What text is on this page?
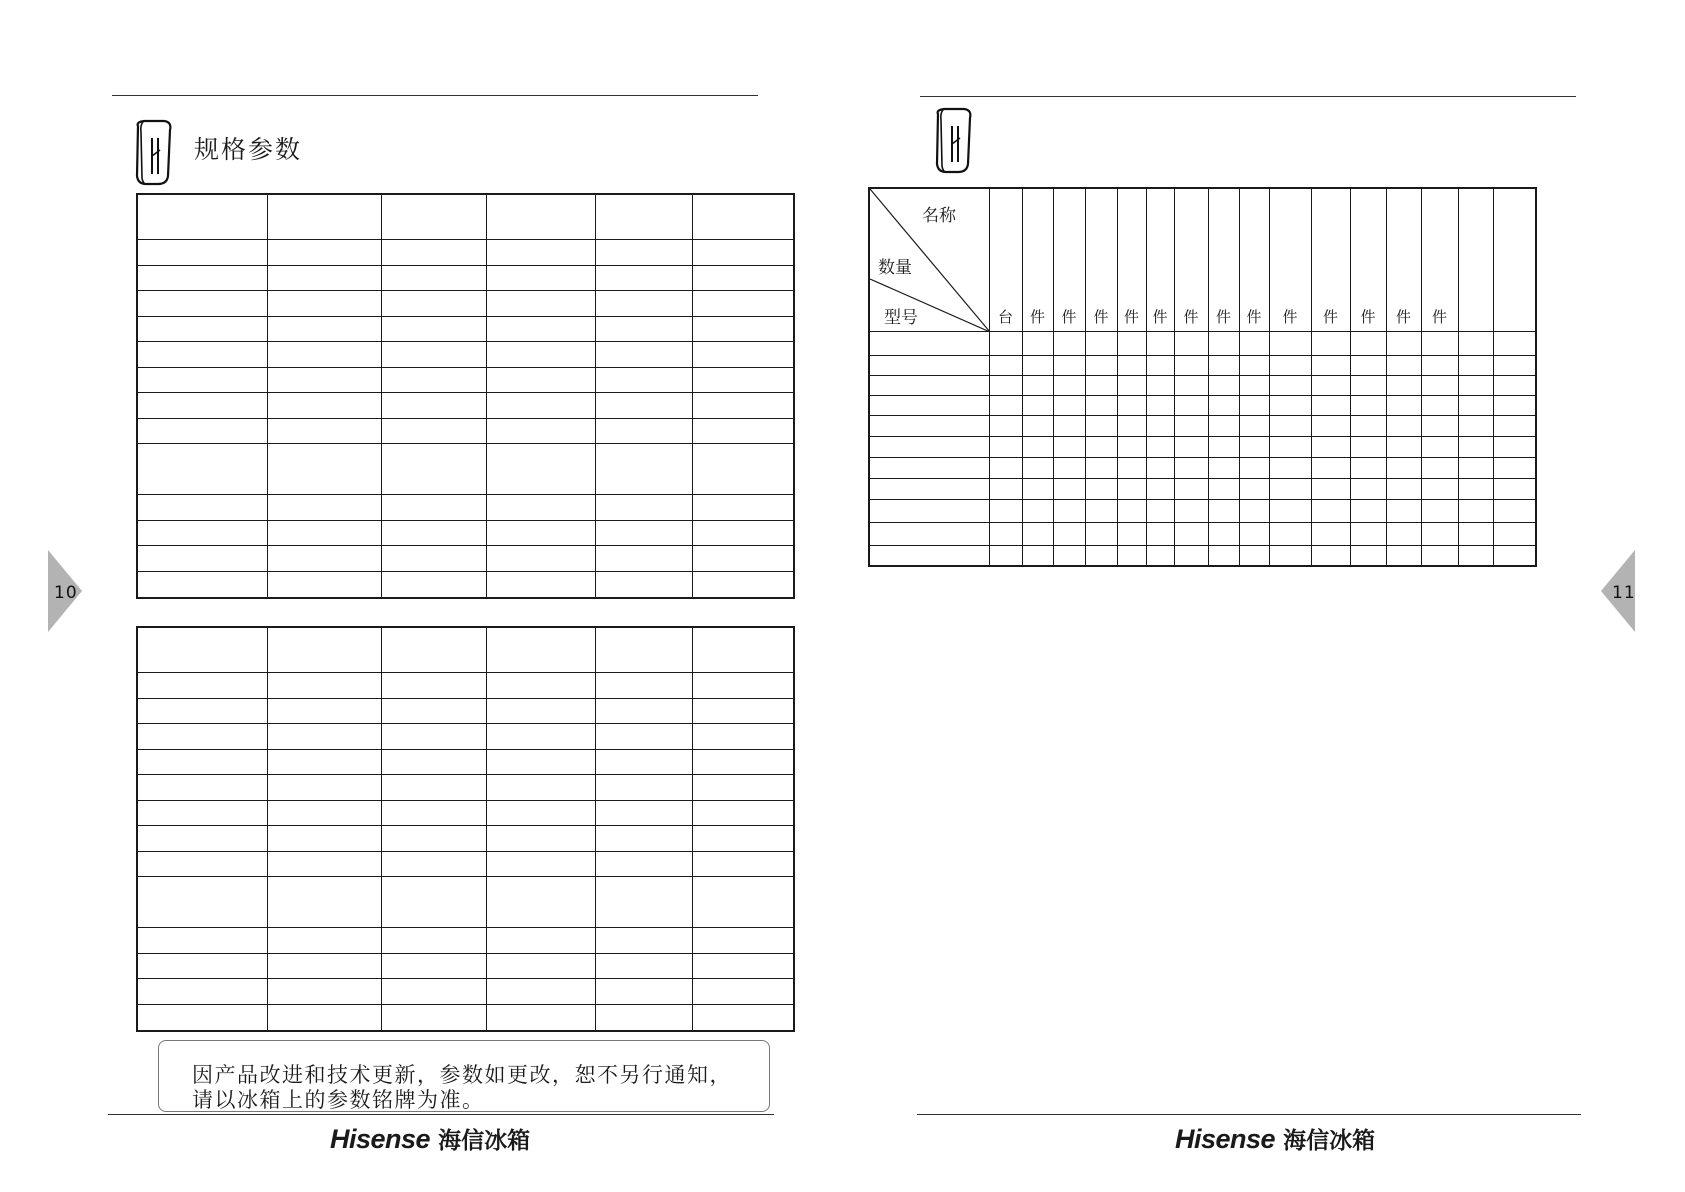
规格参数

10
因产品改进和技术更新，参数如更改，恕不另行通知，
请以冰箱上的参数铭牌为准。
Hisense 海信冰箱
名称
数量
型号	台	件	件	件	件	件	件	件	件	件	件	件	件	件		

11
Hisense 海信冰箱
